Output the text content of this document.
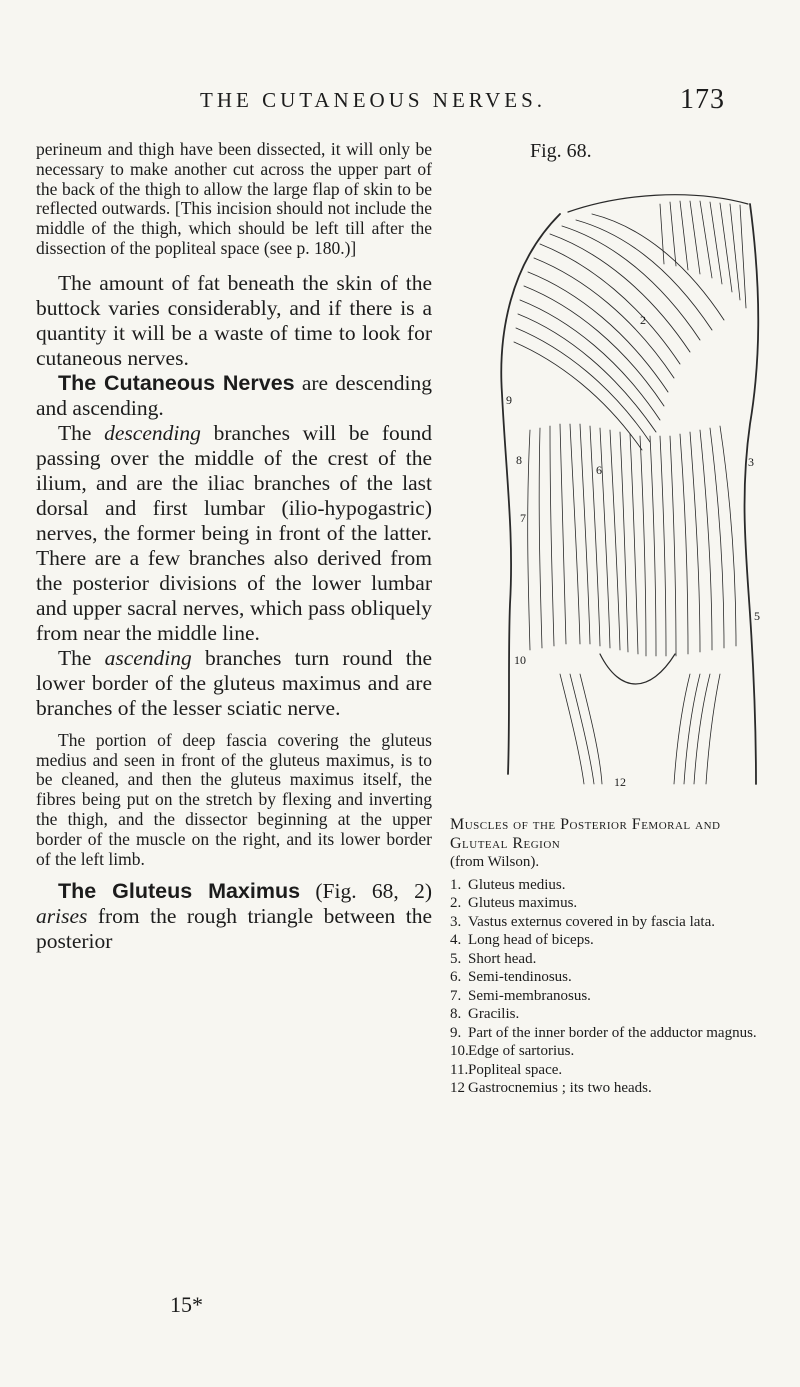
THE CUTANEOUS NERVES.	173

perineum and thigh have been dissected, it will only be necessary to make another cut across the upper part of the back of the thigh to allow the large flap of skin to be reflected outwards. [This incision should not include the middle of the thigh, which should be left till after the dissection of the popliteal space (see p. 180.)]

The amount of fat beneath the skin of the buttock varies considerably, and if there is a quantity it will be a waste of time to look for cutaneous nerves.

The Cutaneous Nerves are descending and ascending.

The descending branches will be found passing over the middle of the crest of the ilium, and are the iliac branches of the last dorsal and first lumbar (ilio-hypogastric) nerves, the former being in front of the latter. There are a few branches also derived from the posterior divisions of the lower lumbar and upper sacral nerves, which pass obliquely from near the middle line.

The ascending branches turn round the lower border of the gluteus maximus and are branches of the lesser sciatic nerve.

The portion of deep fascia covering the gluteus medius and seen in front of the gluteus maximus, is to be cleaned, and then the gluteus maximus itself, the fibres being put on the stretch by flexing and inverting the thigh, and the dissector beginning at the upper border of the muscle on the right, and its lower border of the left limb.

The Gluteus Maximus (Fig. 68, 2) arises from the rough triangle between the posterior

15*
Fig. 68.
2
9
8	3
6
7
5
10
12

Muscles of the Posterior Femoral and Gluteal Region

(from Wilson).

1. Gluteus medius.
2. Gluteus maximus.
3. Vastus externus covered in by fascia lata.
4. Long head of biceps.
5. Short head.
6. Semi-tendinosus.
7. Semi-membranosus.
8. Gracilis.
9. Part of the inner border of the adductor magnus.
10. Edge of sartorius.
11. Popliteal space.
12 Gastrocnemius ; its two heads.
